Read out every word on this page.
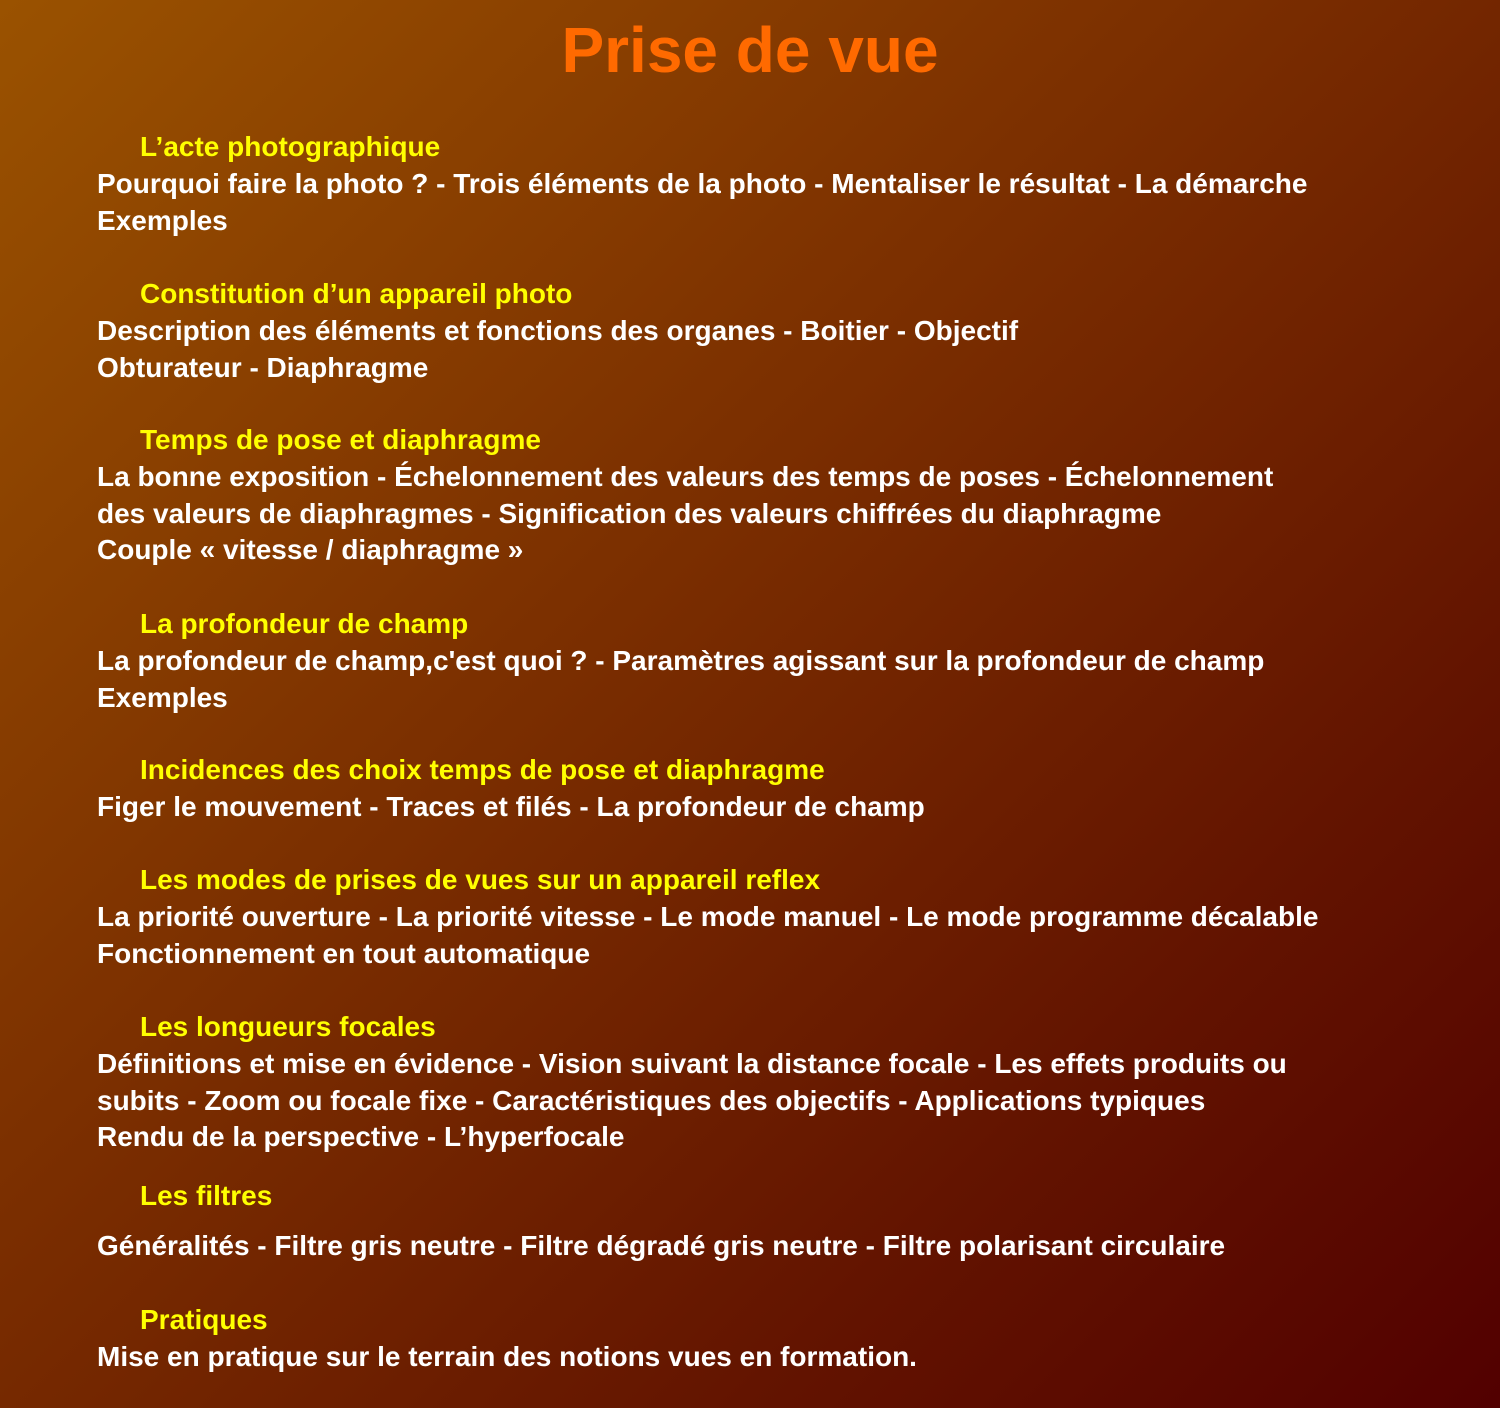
Prise de vue
L’acte photographique

Pourquoi faire la photo ? - Trois éléments de la photo - Mentaliser le résultat - La démarche

Exemples

Constitution d’un appareil photo

Description des éléments et fonctions des organes - Boitier - Objectif

Obturateur - Diaphragme

Temps de pose et diaphragme

La bonne exposition - Échelonnement des valeurs des temps de poses - Échelonnement

des valeurs de diaphragmes - Signification des valeurs chiffrées du diaphragme

Couple « vitesse / diaphragme »

La profondeur de champ

La profondeur de champ,c'est quoi ? - Paramètres agissant sur la profondeur de champ

Exemples

Incidences des choix temps de pose et diaphragme

Figer le mouvement - Traces et filés - La profondeur de champ

Les modes de prises de vues sur un appareil reflex

La priorité ouverture - La priorité vitesse - Le mode manuel - Le mode programme décalable

Fonctionnement en tout automatique

Les longueurs focales

Définitions et mise en évidence - Vision suivant la distance focale - Les effets produits ou

subits - Zoom ou focale fixe - Caractéristiques des objectifs - Applications typiques

Rendu de la perspective - L’hyperfocale

Les filtres

Généralités - Filtre gris neutre - Filtre dégradé gris neutre - Filtre polarisant circulaire

Pratiques

Mise en pratique sur le terrain des notions vues en formation.
